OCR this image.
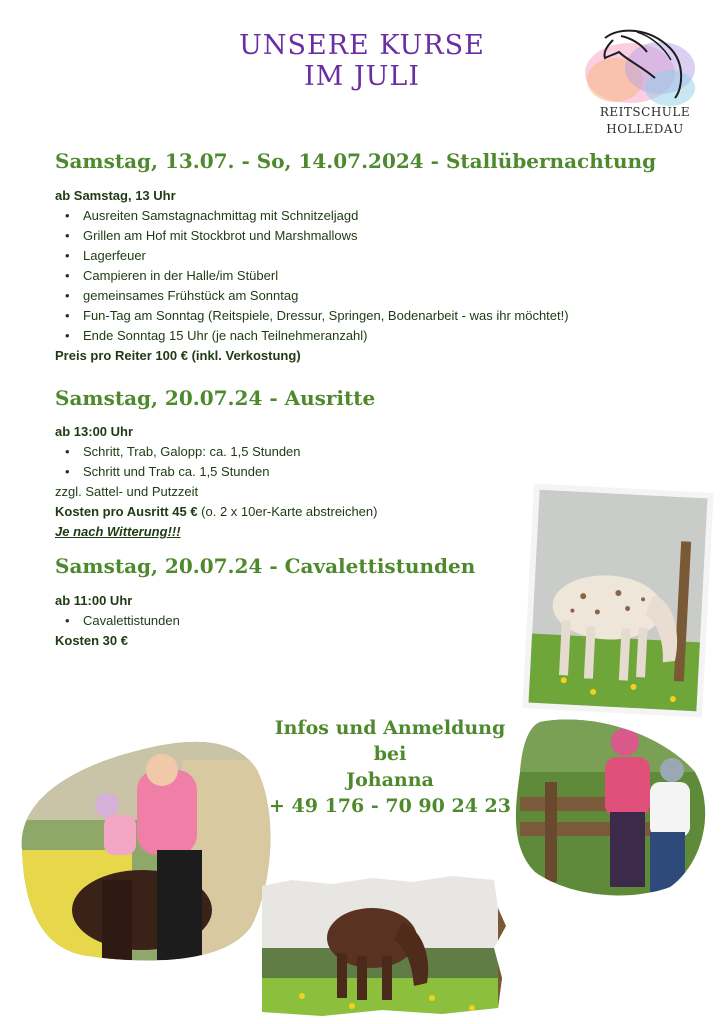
UNSERE KURSE
IM JULI
REITSCHULE
HOLLEDAU
Samstag, 13.07. - So, 14.07.2024 - Stallübernachtung
ab Samstag, 13 Uhr
• Ausreiten Samstagnachmittag mit Schnitzeljagd
• Grillen am Hof mit Stockbrot und Marshmallows
• Lagerfeuer
• Campieren in der Halle/im Stüberl
• gemeinsames Frühstück am Sonntag
• Fun-Tag am Sonntag (Reitspiele, Dressur, Springen, Bodenarbeit - was ihr möchtet!)
• Ende Sonntag 15 Uhr (je nach Teilnehmeranzahl)
Preis pro Reiter 100 € (inkl. Verkostung)
Samstag, 20.07.24 - Ausritte
ab 13:00 Uhr
• Schritt, Trab, Galopp: ca. 1,5 Stunden
• Schritt und Trab ca. 1,5 Stunden
zzgl. Sattel- und Putzzeit
Kosten pro Ausritt 45 € (o. 2 x 10er-Karte abstreichen)
Je nach Witterung!!!
Samstag, 20.07.24 - Cavalettistunden
ab 11:00 Uhr
• Cavalettistunden
Kosten 30 €
Infos und Anmeldung
bei
Johanna
+ 49 176 - 70 90 24 23
